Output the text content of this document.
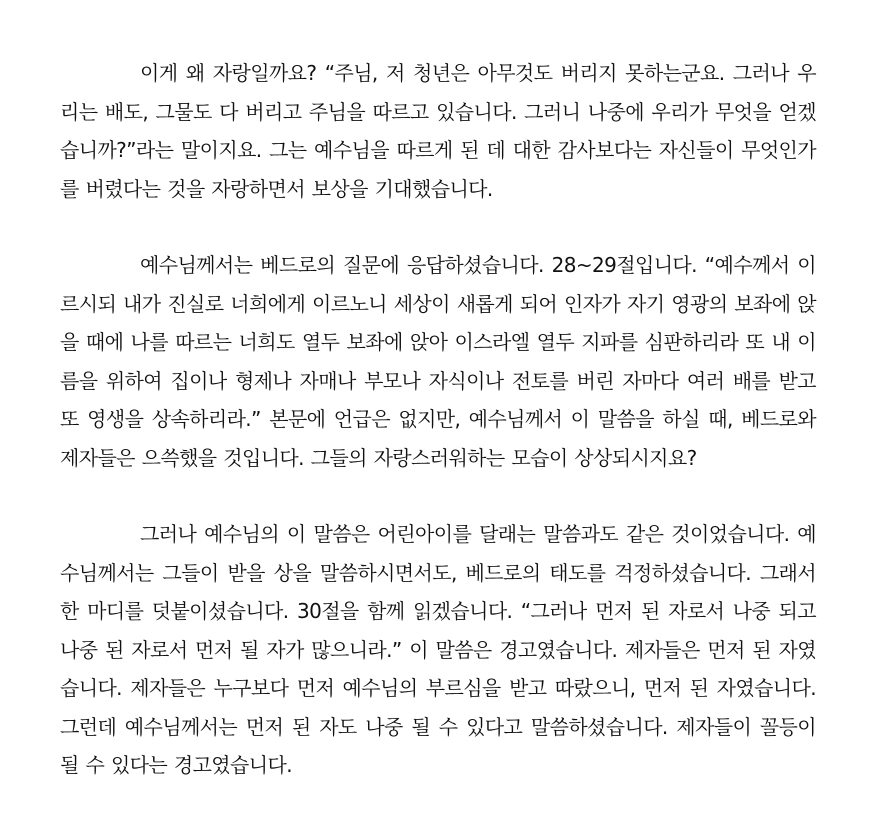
이게 왜 자랑일까요? “주님, 저 청년은 아무것도 버리지 못하는군요. 그러나 우리는 배도, 그물도 다 버리고 주님을 따르고 있습니다. 그러니 나중에 우리가 무엇을 얻겠습니까?”라는 말이지요. 그는 예수님을 따르게 된 데 대한 감사보다는 자신들이 무엇인가를 버렸다는 것을 자랑하면서 보상을 기대했습니다.

예수님께서는 베드로의 질문에 응답하셨습니다. 28~29절입니다. “예수께서 이르시되 내가 진실로 너희에게 이르노니 세상이 새롭게 되어 인자가 자기 영광의 보좌에 앉을 때에 나를 따르는 너희도 열두 보좌에 앉아 이스라엘 열두 지파를 심판하리라 또 내 이름을 위하여 집이나 형제나 자매나 부모나 자식이나 전토를 버린 자마다 여러 배를 받고 또 영생을 상속하리라.” 본문에 언급은 없지만, 예수님께서 이 말씀을 하실 때, 베드로와 제자들은 으쓱했을 것입니다. 그들의 자랑스러워하는 모습이 상상되시지요?

그러나 예수님의 이 말씀은 어린아이를 달래는 말씀과도 같은 것이었습니다. 예수님께서는 그들이 받을 상을 말씀하시면서도, 베드로의 태도를 걱정하셨습니다. 그래서 한 마디를 덧붙이셨습니다. 30절을 함께 읽겠습니다. “그러나 먼저 된 자로서 나중 되고 나중 된 자로서 먼저 될 자가 많으니라.” 이 말씀은 경고였습니다. 제자들은 먼저 된 자였습니다. 제자들은 누구보다 먼저 예수님의 부르심을 받고 따랐으니, 먼저 된 자였습니다. 그런데 예수님께서는 먼저 된 자도 나중 될 수 있다고 말씀하셨습니다. 제자들이 꼴등이 될 수 있다는 경고였습니다.
